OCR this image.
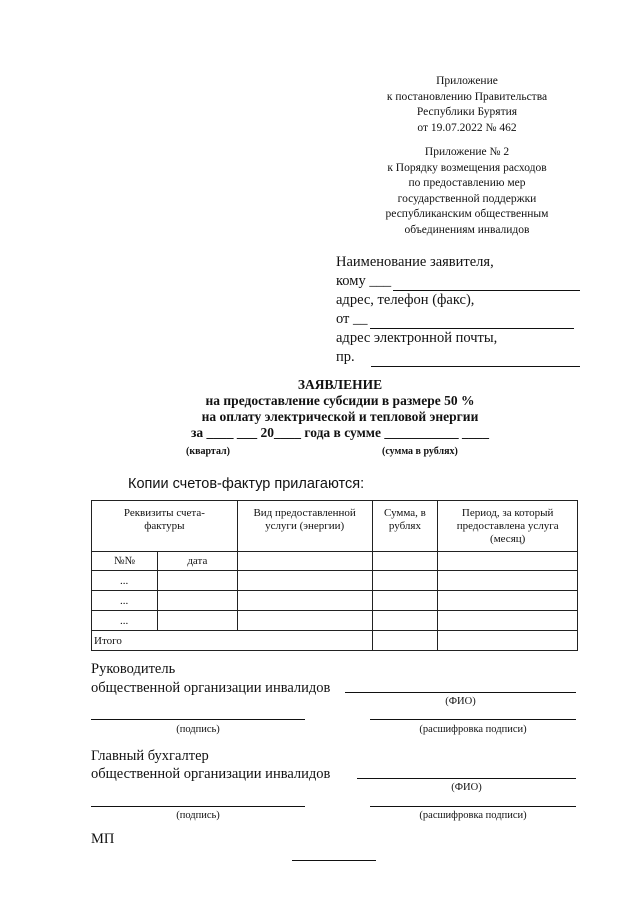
Приложение
к постановлению Правительства
Республики Бурятия
от 19.07.2022 № 462
Приложение № 2
к Порядку возмещения расходов
по предоставлению мер
государственной поддержки
республиканским общественным
объединениям инвалидов
Наименование заявителя,
кому ___
адрес, телефон (факс),
от __
адрес электронной почты,
пр.
ЗАЯВЛЕНИЕ
на предоставление субсидии в размере 50 %
на оплату электрической и тепловой энергии
за ____ ___ 20____ года в сумме ___________ ____
(квартал)	(сумма в рублях)
Копии счетов-фактур прилагаются:
Реквизиты счета-фактуры		Вид предоставленной услуги (энергии)	Сумма, в рублях	Период, за который предоставлена услуга (месяц)
№№	дата			
...				
...				
...				
Итого				
Руководитель
общественной организации инвалидов
(ФИО)
(подпись)	(расшифровка подписи)
Главный бухгалтер
общественной организации инвалидов
(ФИО)
(подпись)	(расшифровка подписи)
МП
